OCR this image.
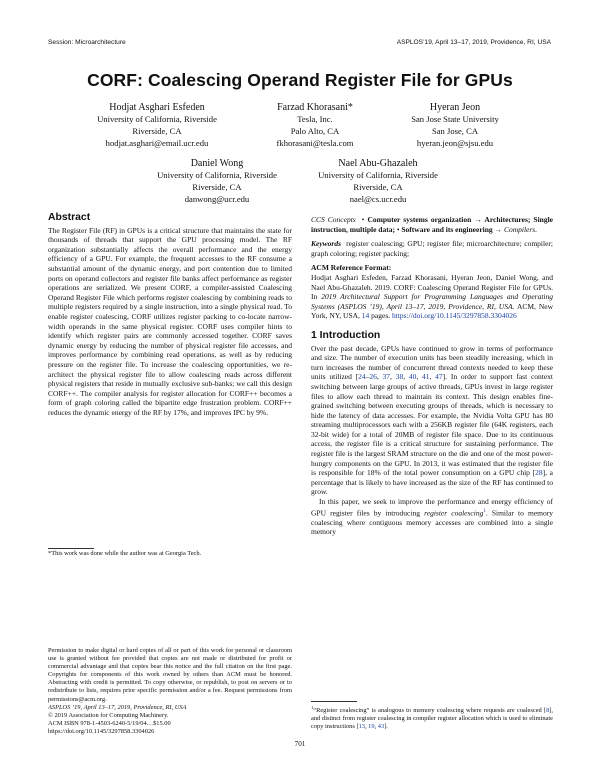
Session: Microarchitecture	ASPLOS’19, April 13–17, 2019, Providence, RI, USA
CORF: Coalescing Operand Register File for GPUs
Hodjat Asghari Esfeden
University of California, Riverside
Riverside, CA
hodjat.asghari@email.ucr.edu
Farzad Khorasani*
Tesla, Inc.
Palo Alto, CA
fkhorasani@tesla.com
Hyeran Jeon
San Jose State University
San Jose, CA
hyeran.jeon@sjsu.edu
Daniel Wong
University of California, Riverside
Riverside, CA
danwong@ucr.edu
Nael Abu-Ghazaleh
University of California, Riverside
Riverside, CA
nael@cs.ucr.edu
Abstract

The Register File (RF) in GPUs is a critical structure that maintains the state for thousands of threads that support the GPU processing model. The RF organization substantially affects the overall performance and the energy efficiency of a GPU. For example, the frequent accesses to the RF consume a substantial amount of the dynamic energy, and port contention due to limited ports on operand collectors and register file banks affect performance as register operations are serialized. We present CORF, a compiler-assisted Coalescing Operand Register File which performs register coalescing by combining reads to multiple registers required by a single instruction, into a single physical read. To enable register coalescing, CORF utilizes register packing to co-locate narrow-width operands in the same physical register. CORF uses compiler hints to identify which register pairs are commonly accessed together. CORF saves dynamic energy by reducing the number of physical register file accesses, and improves performance by combining read operations, as well as by reducing pressure on the register file. To increase the coalescing opportunities, we re-architect the physical register file to allow coalescing reads across different physical registers that reside in mutually exclusive sub-banks; we call this design CORF++. The compiler analysis for register allocation for CORF++ becomes a form of graph coloring called the bipartite edge frustration problem. CORF++ reduces the dynamic energy of the RF by 17%, and improves IPC by 9%.

*This work was done while the author was at Georgia Tech.

Permission to make digital or hard copies of all or part of this work for personal or classroom use is granted without fee provided that copies are not made or distributed for profit or commercial advantage and that copies bear this notice and the full citation on the first page. Copyrights for components of this work owned by others than ACM must be honored. Abstracting with credit is permitted. To copy otherwise, or republish, to post on servers or to redistribute to lists, requires prior specific permission and/or a fee. Request permissions from permissions@acm.org.

ASPLOS ’19, April 13–17, 2019, Providence, RI, USA

© 2019 Association for Computing Machinery.

ACM ISBN 978-1-4503-6240-5/19/04…$15.00

https://doi.org/10.1145/3297858.3304026

CCS Concepts • Computer systems organization → Architectures; Single instruction, multiple data; • Software and its engineering → Compilers.

Keywords register coalescing; GPU; register file; microarchitecture; compiler; graph coloring; register packing;

ACM Reference Format:
Hodjat Asghari Esfeden, Farzad Khorasani, Hyeran Jeon, Daniel Wong, and Nael Abu-Ghazaleh. 2019. CORF: Coalescing Operand Register File for GPUs. In 2019 Architectural Support for Programming Languages and Operating Systems (ASPLOS ’19), April 13–17, 2019, Providence, RI, USA. ACM, New York, NY, USA, 14 pages. https://doi.org/10.1145/3297858.3304026

1 Introduction

Over the past decade, GPUs have continued to grow in terms of performance and size. The number of execution units has been steadily increasing, which in turn increases the number of concurrent thread contexts needed to keep these units utilized [24–26, 37, 38, 40, 41, 47]. In order to support fast context switching between large groups of active threads, GPUs invest in large register files to allow each thread to maintain its context. This design enables fine-grained switching between executing groups of threads, which is necessary to hide the latency of data accesses. For example, the Nvidia Volta GPU has 80 streaming multiprocessors each with a 256KB register file (64K registers, each 32-bit wide) for a total of 20MB of register file space. Due to its continuous access, the register file is a critical structure for sustaining performance. The register file is the largest SRAM structure on the die and one of the most power-hungry components on the GPU. In 2013, it was estimated that the register file is responsible for 18% of the total power consumption on a GPU chip [28], a percentage that is likely to have increased as the size of the RF has continued to grow.

In this paper, we seek to improve the performance and energy efficiency of GPU register files by introducing register coalescing$^1$. Similar to memory coalescing where contiguous memory accesses are combined into a single memory

$^1$“Register coalescing” is analogous to memory coalescing where requests are coalesced [8], and distinct from register coalescing in compiler register allocation which is used to eliminate copy instructions [13, 19, 43].
701
